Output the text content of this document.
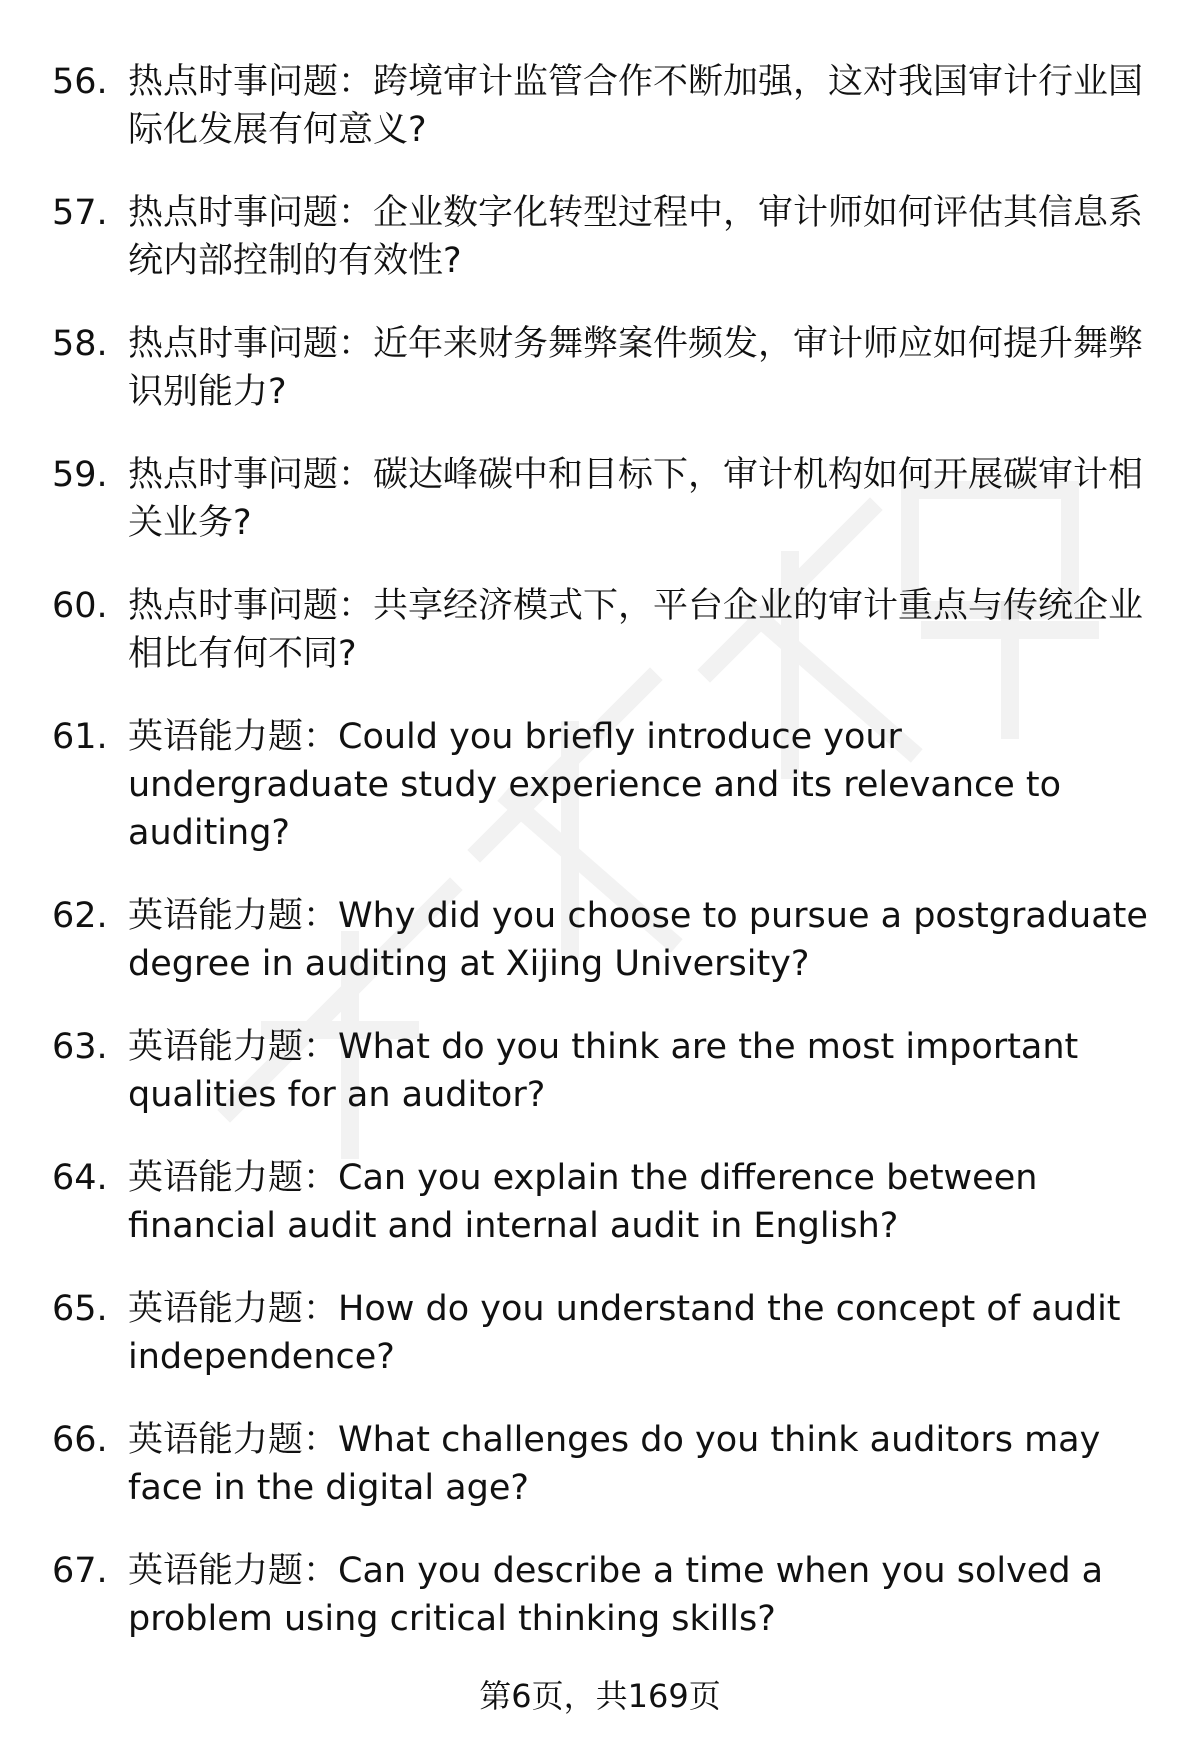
56. 热点时事问题：跨境审计监管合作不断加强，这对我国审计行业国际化发展有何意义?
57. 热点时事问题：企业数字化转型过程中，审计师如何评估其信息系统内部控制的有效性?
58. 热点时事问题：近年来财务舞弊案件频发，审计师应如何提升舞弊识别能力?
59. 热点时事问题：碳达峰碳中和目标下，审计机构如何开展碳审计相关业务?
60. 热点时事问题：共享经济模式下，平台企业的审计重点与传统企业相比有何不同?
61. 英语能力题：Could you briefly introduce your undergraduate study experience and its relevance to auditing?
62. 英语能力题：Why did you choose to pursue a postgraduate degree in auditing at Xijing University?
63. 英语能力题：What do you think are the most important qualities for an auditor?
64. 英语能力题：Can you explain the difference between financial audit and internal audit in English?
65. 英语能力题：How do you understand the concept of audit independence?
66. 英语能力题：What challenges do you think auditors may face in the digital age?
67. 英语能力题：Can you describe a time when you solved a problem using critical thinking skills?
第6页，共169页
